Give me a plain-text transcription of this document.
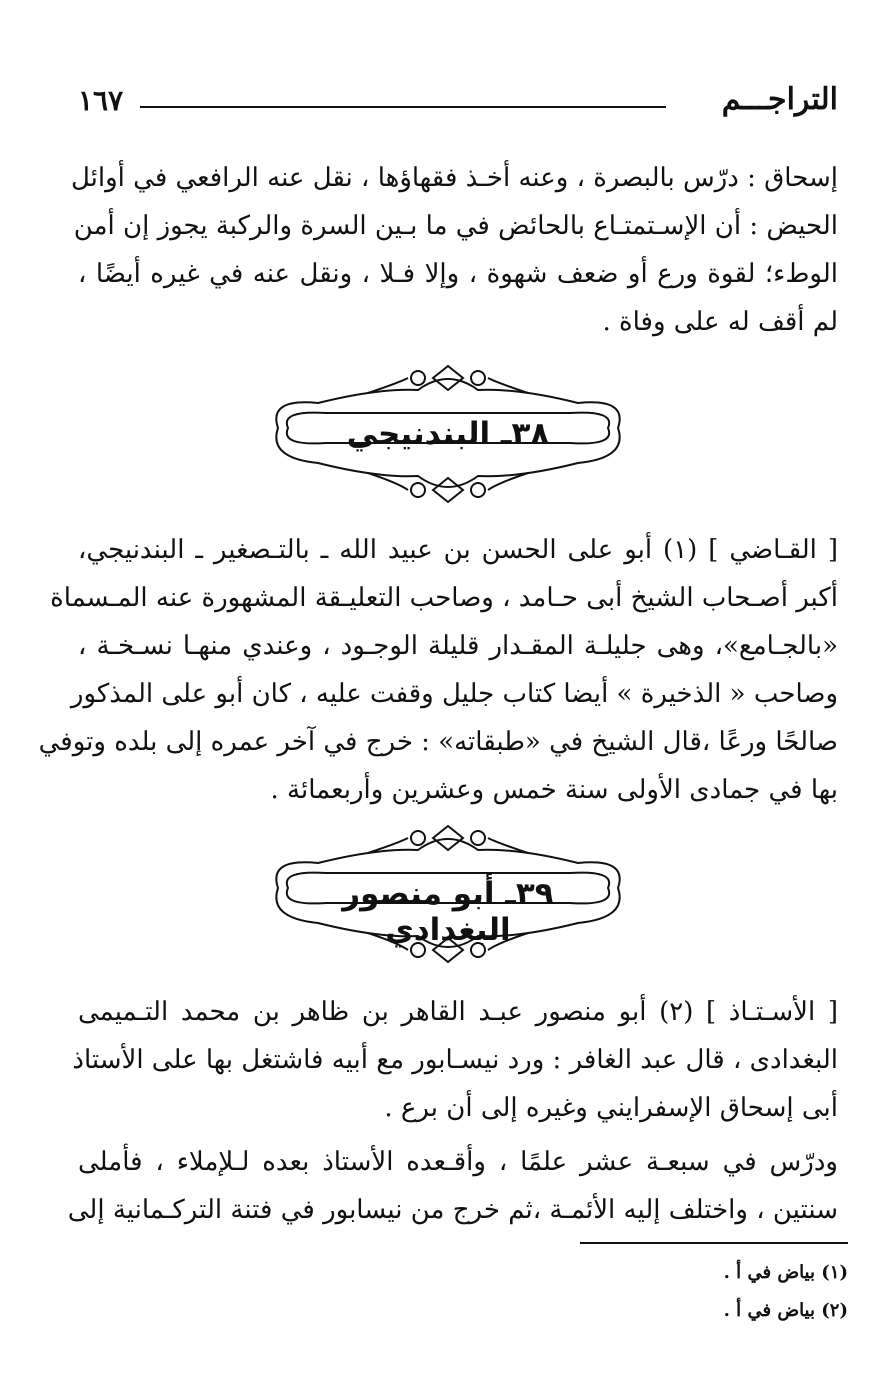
التراجـــم
١٦٧

إسحاق : درّس بالبصرة ، وعنه أخـذ فقهاؤها ، نقل عنه الرافعي في أوائل
الحيض : أن الإسـتمتـاع بالحائض في ما بـين السرة والركبة يجوز إن أمن
الوطء؛ لقوة ورع أو ضعف شهوة ، وإلا فـلا ، ونقل عنه في غيره أيضًا ،
لم أقف له على وفاة .

٣٨ـ البندنيجي

[ القـاضي ] (١) أبو على الحسن بن عبيد الله ـ بالتـصغير ـ البندنيجي،
أكبر أصـحاب الشيخ أبى حـامد ، وصاحب التعليـقة المشهورة عنه المـسماة
«بالجـامع»، وهى جليلـة المقـدار قليلة الوجـود ، وعندي منهـا نسـخـة ،
وصاحب « الذخيرة » أيضا كتاب جليل وقفت عليه ، كان أبو على المذكور
صالحًا ورعًا ،قال الشيخ في «طبقاته» : خرج في آخر عمره إلى بلده وتوفي
بها في جمادى الأولى سنة خمس وعشرين وأربعمائة .

٣٩ـ أبو منصور البغدادي

[ الأسـتـاذ ] (٢) أبو منصور عبـد القاهر بن ظاهر بن محمد التـميمى
البغدادى ، قال عبد الغافر : ورد نيسـابور مع أبيه فاشتغل بها على الأستاذ
أبى إسحاق الإسفرايني وغيره إلى أن برع .

ودرّس في سبعـة عشر علمًا ، وأقـعده الأستاذ بعده لـلإملاء ، فأملى
سنتين ، واختلف إليه الأئمـة ،ثم خرج من نيسابور في فتنة التركـمانية إلى

(١) بياض في أ .
(٢) بياض في أ .
